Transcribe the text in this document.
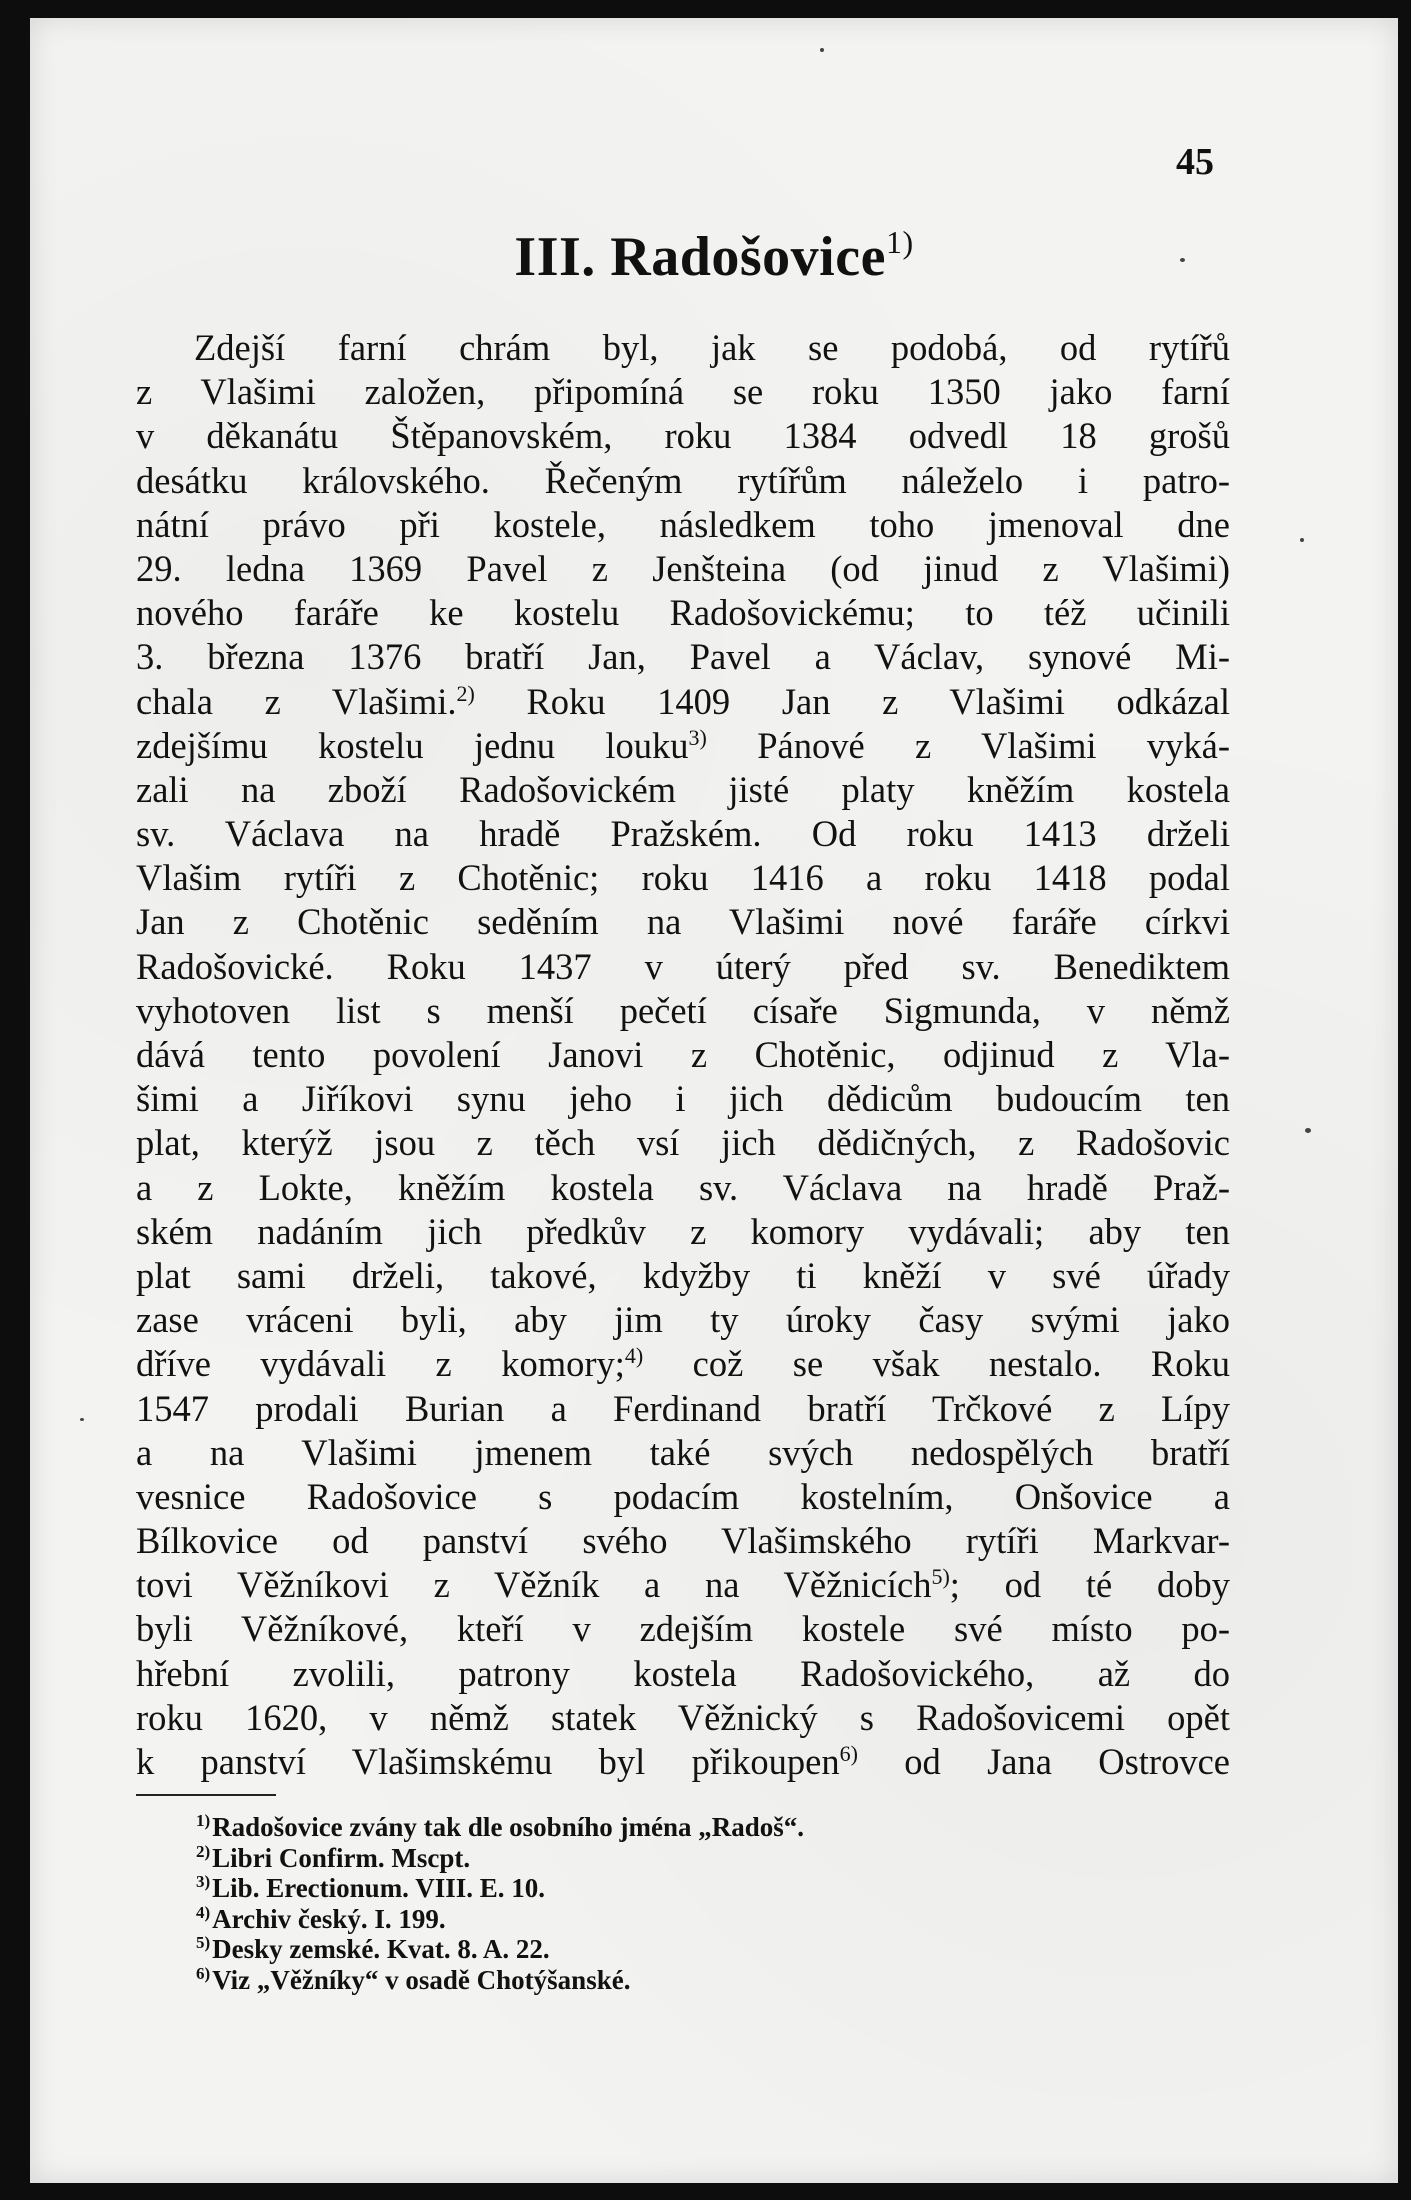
45
III. Radošovice$^{1)}$
Zdejší farní chrám byl, jak se podobá, od rytířů
z Vlašimi založen, připomíná se roku 1350 jako farní
v děkanátu Štěpanovském, roku 1384 odvedl 18 grošů
desátku královského. Řečeným rytířům náleželo i patro-
nátní právo při kostele, následkem toho jmenoval dne
29. ledna 1369 Pavel z Jenšteina (od jinud z Vlašimi)
nového faráře ke kostelu Radošovickému; to též učinili
3. března 1376 bratří Jan, Pavel a Václav, synové Mi-
chala z Vlašimi.$^{2)}$ Roku 1409 Jan z Vlašimi odkázal
zdejšímu kostelu jednu louku$^{3)}$ Pánové z Vlašimi vyká-
zali na zboží Radošovickém jisté platy kněžím kostela
sv. Václava na hradě Pražském. Od roku 1413 drželi
Vlašim rytíři z Chotěnic; roku 1416 a roku 1418 podal
Jan z Chotěnic seděním na Vlašimi nové faráře církvi
Radošovické. Roku 1437 v úterý před sv. Benediktem
vyhotoven list s menší pečetí císaře Sigmunda, v němž
dává tento povolení Janovi z Chotěnic, odjinud z Vla-
šimi a Jiříkovi synu jeho i jich dědicům budoucím ten
plat, kterýž jsou z těch vsí jich dědičných, z Radošovic
a z Lokte, kněžím kostela sv. Václava na hradě Praž-
ském nadáním jich předkův z komory vydávali; aby ten
plat sami drželi, takové, kdyžby ti kněží v své úřady
zase vráceni byli, aby jim ty úroky časy svými jako
dříve vydávali z komory;$^{4)}$ což se však nestalo. Roku
1547 prodali Burian a Ferdinand bratří Trčkové z Lípy
a na Vlašimi jmenem také svých nedospělých bratří
vesnice Radošovice s podacím kostelním, Onšovice a
Bílkovice od panství svého Vlašimského rytíři Markvar-
tovi Věžníkovi z Věžník a na Věžnicích$^{5)}$; od té doby
byli Věžníkové, kteří v zdejším kostele své místo po-
hřební zvolili, patrony kostela Radošovického, až do
roku 1620, v němž statek Věžnický s Radošovicemi opět
k panství Vlašimskému byl přikoupen$^{6)}$ od Jana Ostrovce
$^{1)}$Radošovice zvány tak dle osobního jména „Radoš“.
$^{2)}$Libri Confirm. Mscpt.
$^{3)}$Lib. Erectionum. VIII. E. 10.
$^{4)}$Archiv český. I. 199.
$^{5)}$Desky zemské. Kvat. 8. A. 22.
$^{6)}$Viz „Věžníky“ v osadě Chotýšanské.
